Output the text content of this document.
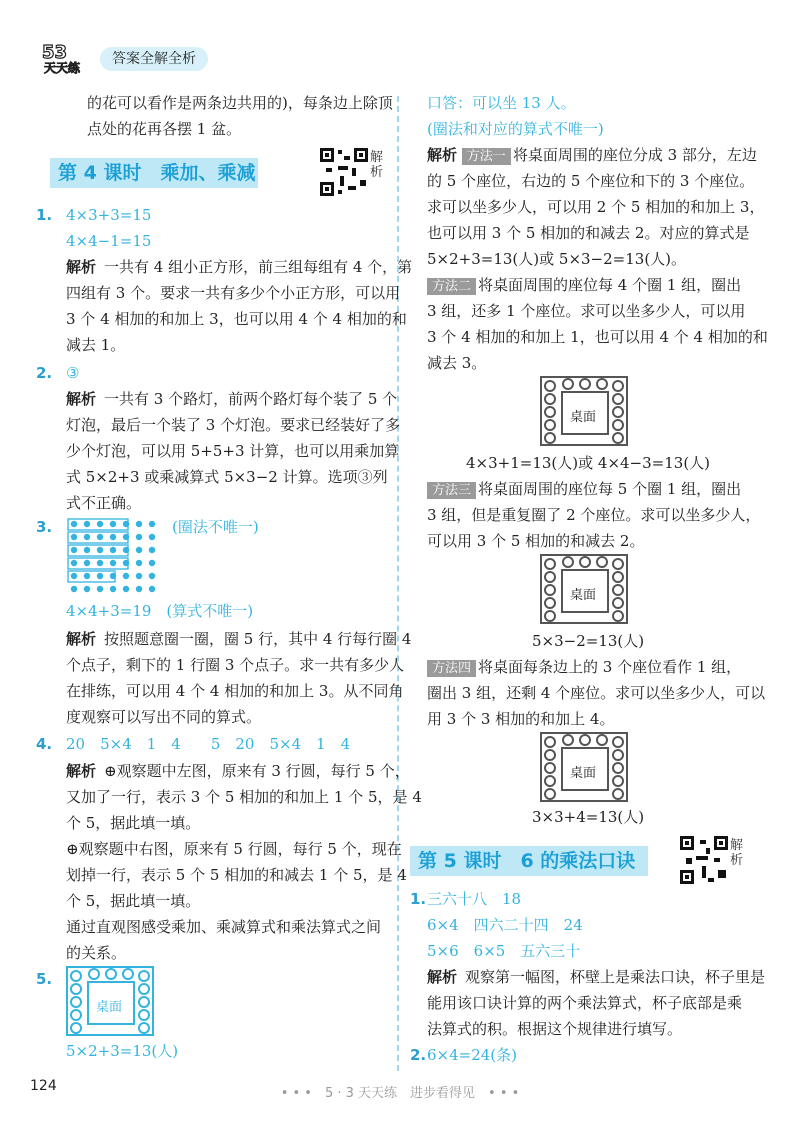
53
天天练
答案全解全析
的花可以看作是两条边共用的)，每条边上除顶
点处的花再各摆 1 盆。
第 4 课时　乘加、乘减
解析
1. 4×3+3=15
4×4−1=15
解析 一共有 4 组小正方形，前三组每组有 4 个，第
四组有 3 个。要求一共有多少个小正方形，可以用
3 个 4 相加的和加上 3，也可以用 4 个 4 相加的和
减去 1。
2. ③
解析 一共有 3 个路灯，前两个路灯每个装了 5 个
灯泡，最后一个装了 3 个灯泡。要求已经装好了多
少个灯泡，可以用 5+5+3 计算，也可以用乘加算
式 5×2+3 或乘减算式 5×3−2 计算。选项③列
式不正确。
3.	(圈法不唯一)
4×4+3=19　(算式不唯一)
解析 按照题意圈一圈，圈 5 行，其中 4 行每行圈 4
个点子，剩下的 1 行圈 3 个点子。求一共有多少人
在排练，可以用 4 个 4 相加的和加上 3。从不同角
度观察可以写出不同的算式。
4. 20　5×4　1　4　　5　20　5×4　1　4
解析 ⊕观察题中左图，原来有 3 行圆，每行 5 个，
又加了一行，表示 3 个 5 相加的和加上 1 个 5，是 4
个 5，据此填一填。
⊕观察题中右图，原来有 5 行圆，每行 5 个，现在
划掉一行，表示 5 个 5 相加的和减去 1 个 5，是 4
个 5，据此填一填。
通过直观图感受乘加、乘减算式和乘法算式之间
的关系。
5.
桌面
5×2+3=13(人)
口答：可以坐 13 人。
(圈法和对应的算式不唯一)
解析 方法一 将桌面周围的座位分成 3 部分，左边
的 5 个座位，右边的 5 个座位和下的 3 个座位。
求可以坐多少人，可以用 2 个 5 相加的和加上 3，
也可以用 3 个 5 相加的和减去 2。对应的算式是
5×2+3=13(人)或 5×3−2=13(人)。
方法二 将桌面周围的座位每 4 个圈 1 组，圈出
3 组，还多 1 个座位。求可以坐多少人，可以用
3 个 4 相加的和加上 1，也可以用 4 个 4 相加的和
减去 3。
桌面
4×3+1=13(人)或 4×4−3=13(人)
方法三 将桌面周围的座位每 5 个圈 1 组，圈出
3 组，但是重复圈了 2 个座位。求可以坐多少人，
可以用 3 个 5 相加的和减去 2。
桌面
5×3−2=13(人)
方法四 将桌面每条边上的 3 个座位看作 1 组，
圈出 3 组，还剩 4 个座位。求可以坐多少人，可以
用 3 个 3 相加的和加上 4。
桌面
3×3+4=13(人)
第 5 课时　6 的乘法口诀
解析
1. 三六十八　18
6×4　四六二十四　24
5×6　6×5　五六三十
解析 观察第一幅图，杯壁上是乘法口诀，杯子里是
能用该口诀计算的两个乘法算式，杯子底部是乘
法算式的积。根据这个规律进行填写。
2. 6×4=24(条)
124	• • •　5 · 3 天天练　进步看得见　• • •
